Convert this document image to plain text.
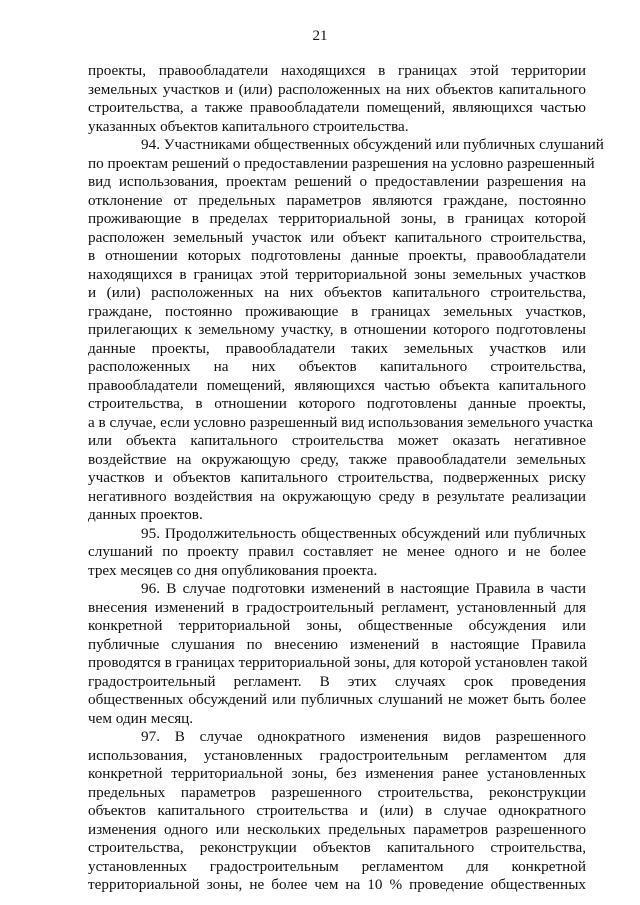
21
проекты, правообладатели находящихся в границах этой территории
земельных участков и (или) расположенных на них объектов капитального
строительства, а также правообладатели помещений, являющихся частью
указанных объектов капитального строительства.
94. Участниками общественных обсуждений или публичных слушаний
по проектам решений о предоставлении разрешения на условно разрешенный
вид использования, проектам решений о предоставлении разрешения на
отклонение от предельных параметров являются граждане, постоянно
проживающие в пределах территориальной зоны, в границах которой
расположен земельный участок или объект капитального строительства,
в отношении которых подготовлены данные проекты, правообладатели
находящихся в границах этой территориальной зоны земельных участков
и (или) расположенных на них объектов капитального строительства,
граждане, постоянно проживающие в границах земельных участков,
прилегающих к земельному участку, в отношении которого подготовлены
данные проекты, правообладатели таких земельных участков или
расположенных на них объектов капитального строительства,
правообладатели помещений, являющихся частью объекта капитального
строительства, в отношении которого подготовлены данные проекты,
а в случае, если условно разрешенный вид использования земельного участка
или объекта капитального строительства может оказать негативное
воздействие на окружающую среду, также правообладатели земельных
участков и объектов капитального строительства, подверженных риску
негативного воздействия на окружающую среду в результате реализации
данных проектов.
95. Продолжительность общественных обсуждений или публичных
слушаний по проекту правил составляет не менее одного и не более
трех месяцев со дня опубликования проекта.
96. В случае подготовки изменений в настоящие Правила в части
внесения изменений в градостроительный регламент, установленный для
конкретной территориальной зоны, общественные обсуждения или
публичные слушания по внесению изменений в настоящие Правила
проводятся в границах территориальной зоны, для которой установлен такой
градостроительный регламент. В этих случаях срок проведения
общественных обсуждений или публичных слушаний не может быть более
чем один месяц.
97. В случае однократного изменения видов разрешенного
использования, установленных градостроительным регламентом для
конкретной территориальной зоны, без изменения ранее установленных
предельных параметров разрешенного строительства, реконструкции
объектов капитального строительства и (или) в случае однократного
изменения одного или нескольких предельных параметров разрешенного
строительства, реконструкции объектов капитального строительства,
установленных градостроительным регламентом для конкретной
территориальной зоны, не более чем на 10 % проведение общественных
